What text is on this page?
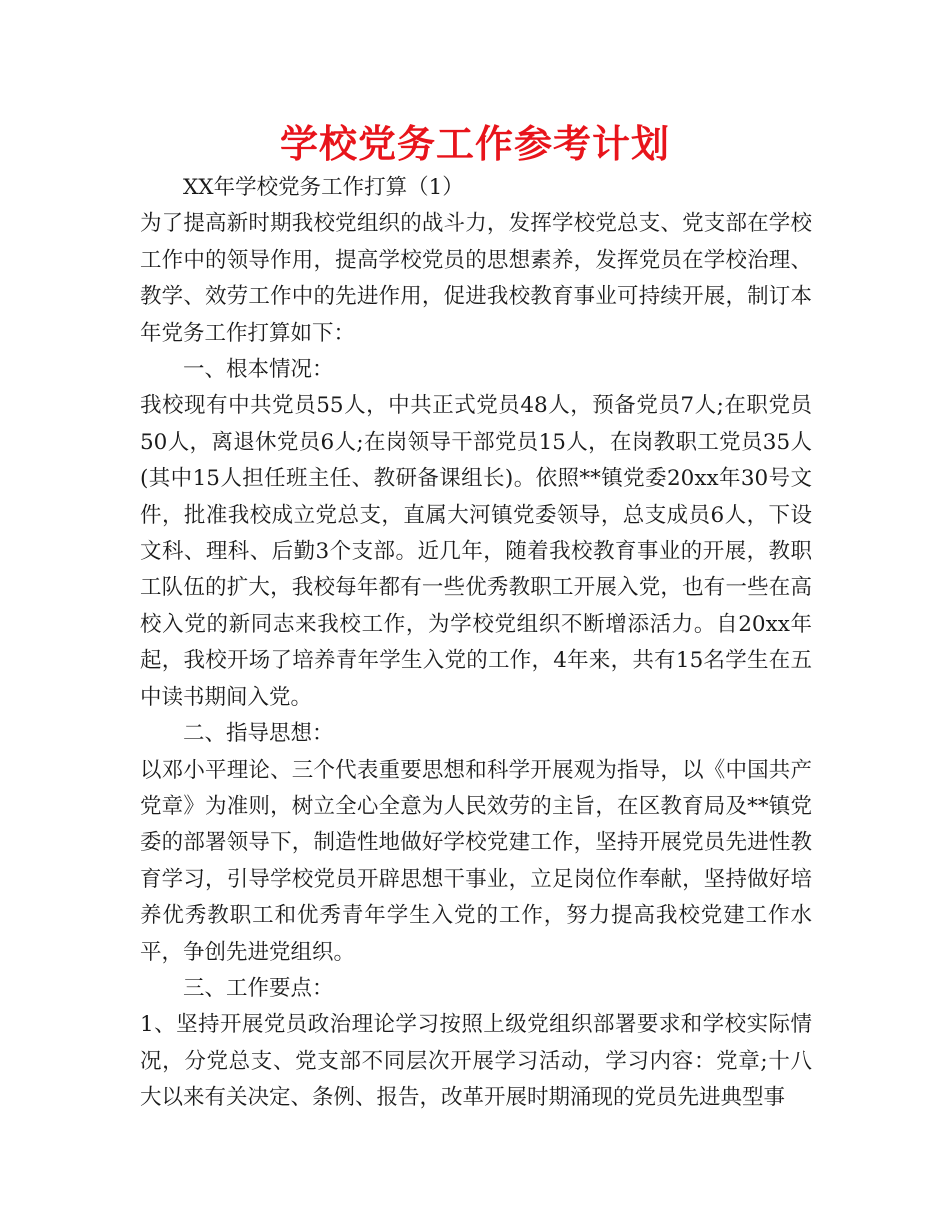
学校党务工作参考计划

XX年学校党务工作打算（1）

为了提高新时期我校党组织的战斗力，发挥学校党总支、党支部在学校工作中的领导作用，提高学校党员的思想素养，发挥党员在学校治理、教学、效劳工作中的先进作用，促进我校教育事业可持续开展，制订本年党务工作打算如下：

一、根本情况：

我校现有中共党员55人，中共正式党员48人，预备党员7人;在职党员50人，离退休党员6人;在岗领导干部党员15人，在岗教职工党员35人(其中15人担任班主任、教研备课组长)。依照**镇党委20xx年30号文件，批准我校成立党总支，直属大河镇党委领导，总支成员6人，下设文科、理科、后勤3个支部。近几年，随着我校教育事业的开展，教职工队伍的扩大，我校每年都有一些优秀教职工开展入党，也有一些在高校入党的新同志来我校工作，为学校党组织不断增添活力。自20xx年起，我校开场了培养青年学生入党的工作，4年来，共有15名学生在五中读书期间入党。

二、指导思想：

以邓小平理论、三个代表重要思想和科学开展观为指导，以《中国共产党章》为准则，树立全心全意为人民效劳的主旨，在区教育局及**镇党委的部署领导下，制造性地做好学校党建工作，坚持开展党员先进性教育学习，引导学校党员开辟思想干事业，立足岗位作奉献，坚持做好培养优秀教职工和优秀青年学生入党的工作，努力提高我校党建工作水平，争创先进党组织。

三、工作要点：

1、坚持开展党员政治理论学习按照上级党组织部署要求和学校实际情况，分党总支、党支部不同层次开展学习活动，学习内容：党章;十八大以来有关决定、条例、报告，改革开展时期涌现的党员先进典型事
